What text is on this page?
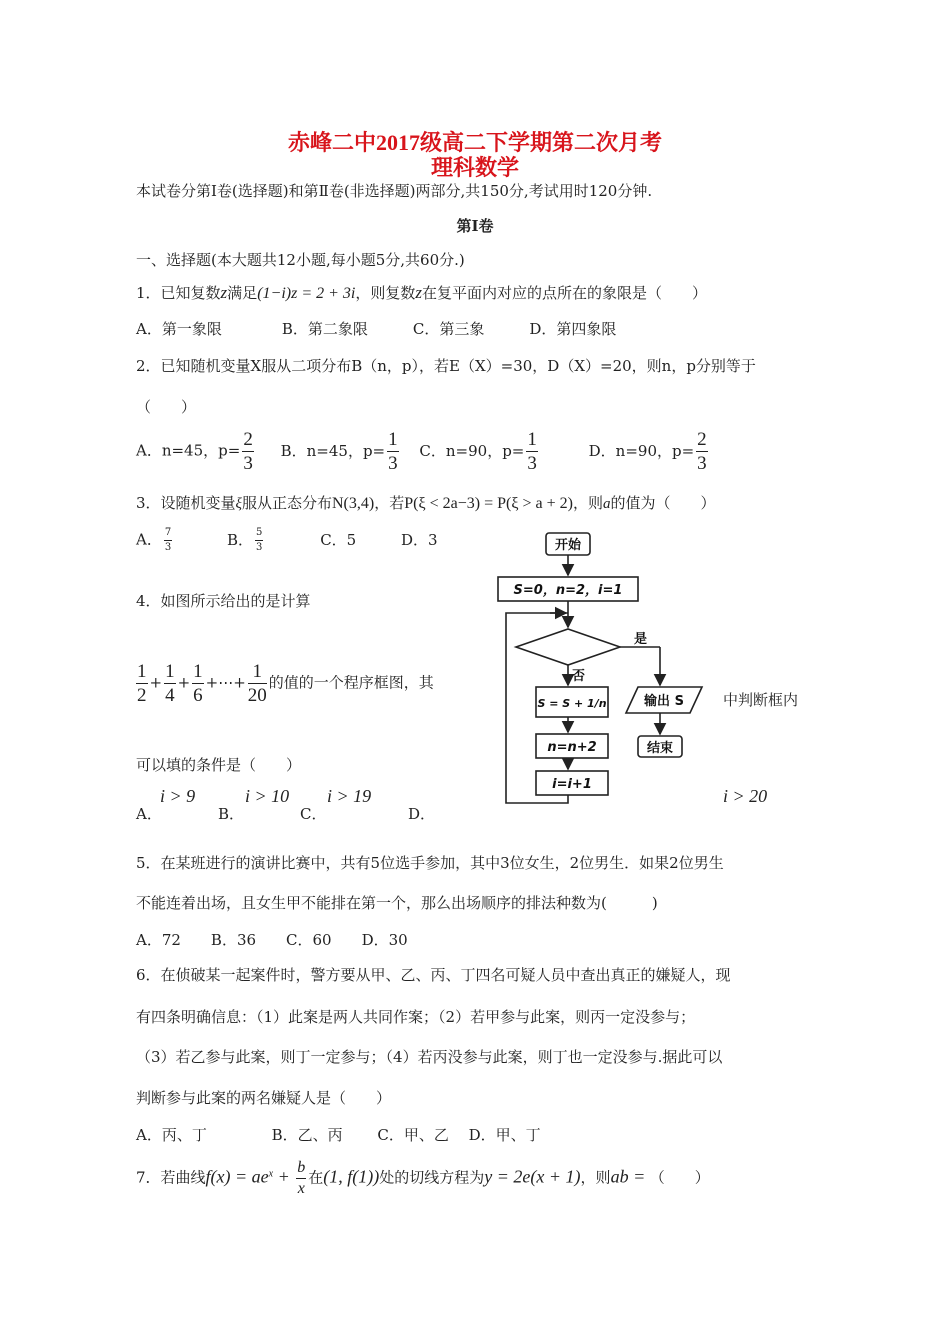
赤峰二中2017级高二下学期第二次月考
理科数学
本试卷分第Ⅰ卷(选择题)和第Ⅱ卷(非选择题)两部分,共150分,考试用时120分钟.
第Ⅰ卷
一、选择题(本大题共12小题,每小题5分,共60分.)
1．已知复数z满足(1−i)z = 2 + 3i，则复数z在复平面内对应的点所在的象限是（　　）
A．第一象限　　　　B．第二象限　　　C．第三象　　　D．第四象限
2．已知随机变量X服从二项分布B（n，p），若E（X）=30，D（X）=20，则n，p分别等于
（　　）
A．n=45，$p= \frac{2}{3}$ B．n=45，$p= \frac{1}{3}$ C．n=90，$p= \frac{1}{3}$	D．n=90，$p= \frac{2}{3}$
3．设随机变量ξ服从正态分布N(3,4)，若P(ξ < 2a−3) = P(ξ > a + 2)，则a的值为（　　）
A． $\frac{7}{3}$	B． $\frac{5}{3}$	C．5	D．3
4．如图所示给出的是计算
$\frac{1}{2} + \frac{1}{4} + \frac{1}{6}$ +⋯+ $\frac{1}{20}$ 的值的一个程序框图，其
中判断框内
可以填的条件是（　　）
A．
i > 9
B．
i > 10
C．
i > 19
D．
i > 20
开始
S=0，n=2，i=1
是
否
S = S + 1/n
n=n+2
i=i+1
输出 S
结束
5．在某班进行的演讲比赛中，共有5位选手参加，其中3位女生，2位男生．如果2位男生
不能连着出场，且女生甲不能排在第一个，那么出场顺序的排法种数为(　　　)
A．72　　B．36　　C．60　　D．30
6．在侦破某一起案件时，警方要从甲、乙、丙、丁四名可疑人员中查出真正的嫌疑人，现
有四条明确信息：（1）此案是两人共同作案；（2）若甲参与此案，则丙一定没参与；
（3）若乙参与此案，则丁一定参与；（4）若丙没参与此案，则丁也一定没参与.据此可以
判断参与此案的两名嫌疑人是（　　）
A．丙、丁　　　　 B．乙、丙　　 C．甲、乙　 D．甲、丁
7．若曲线$f(x) = ae^x + \frac{b}{x}$ 在(1, f(1))处的切线方程为y = 2e(x + 1)，则ab = （　　）
